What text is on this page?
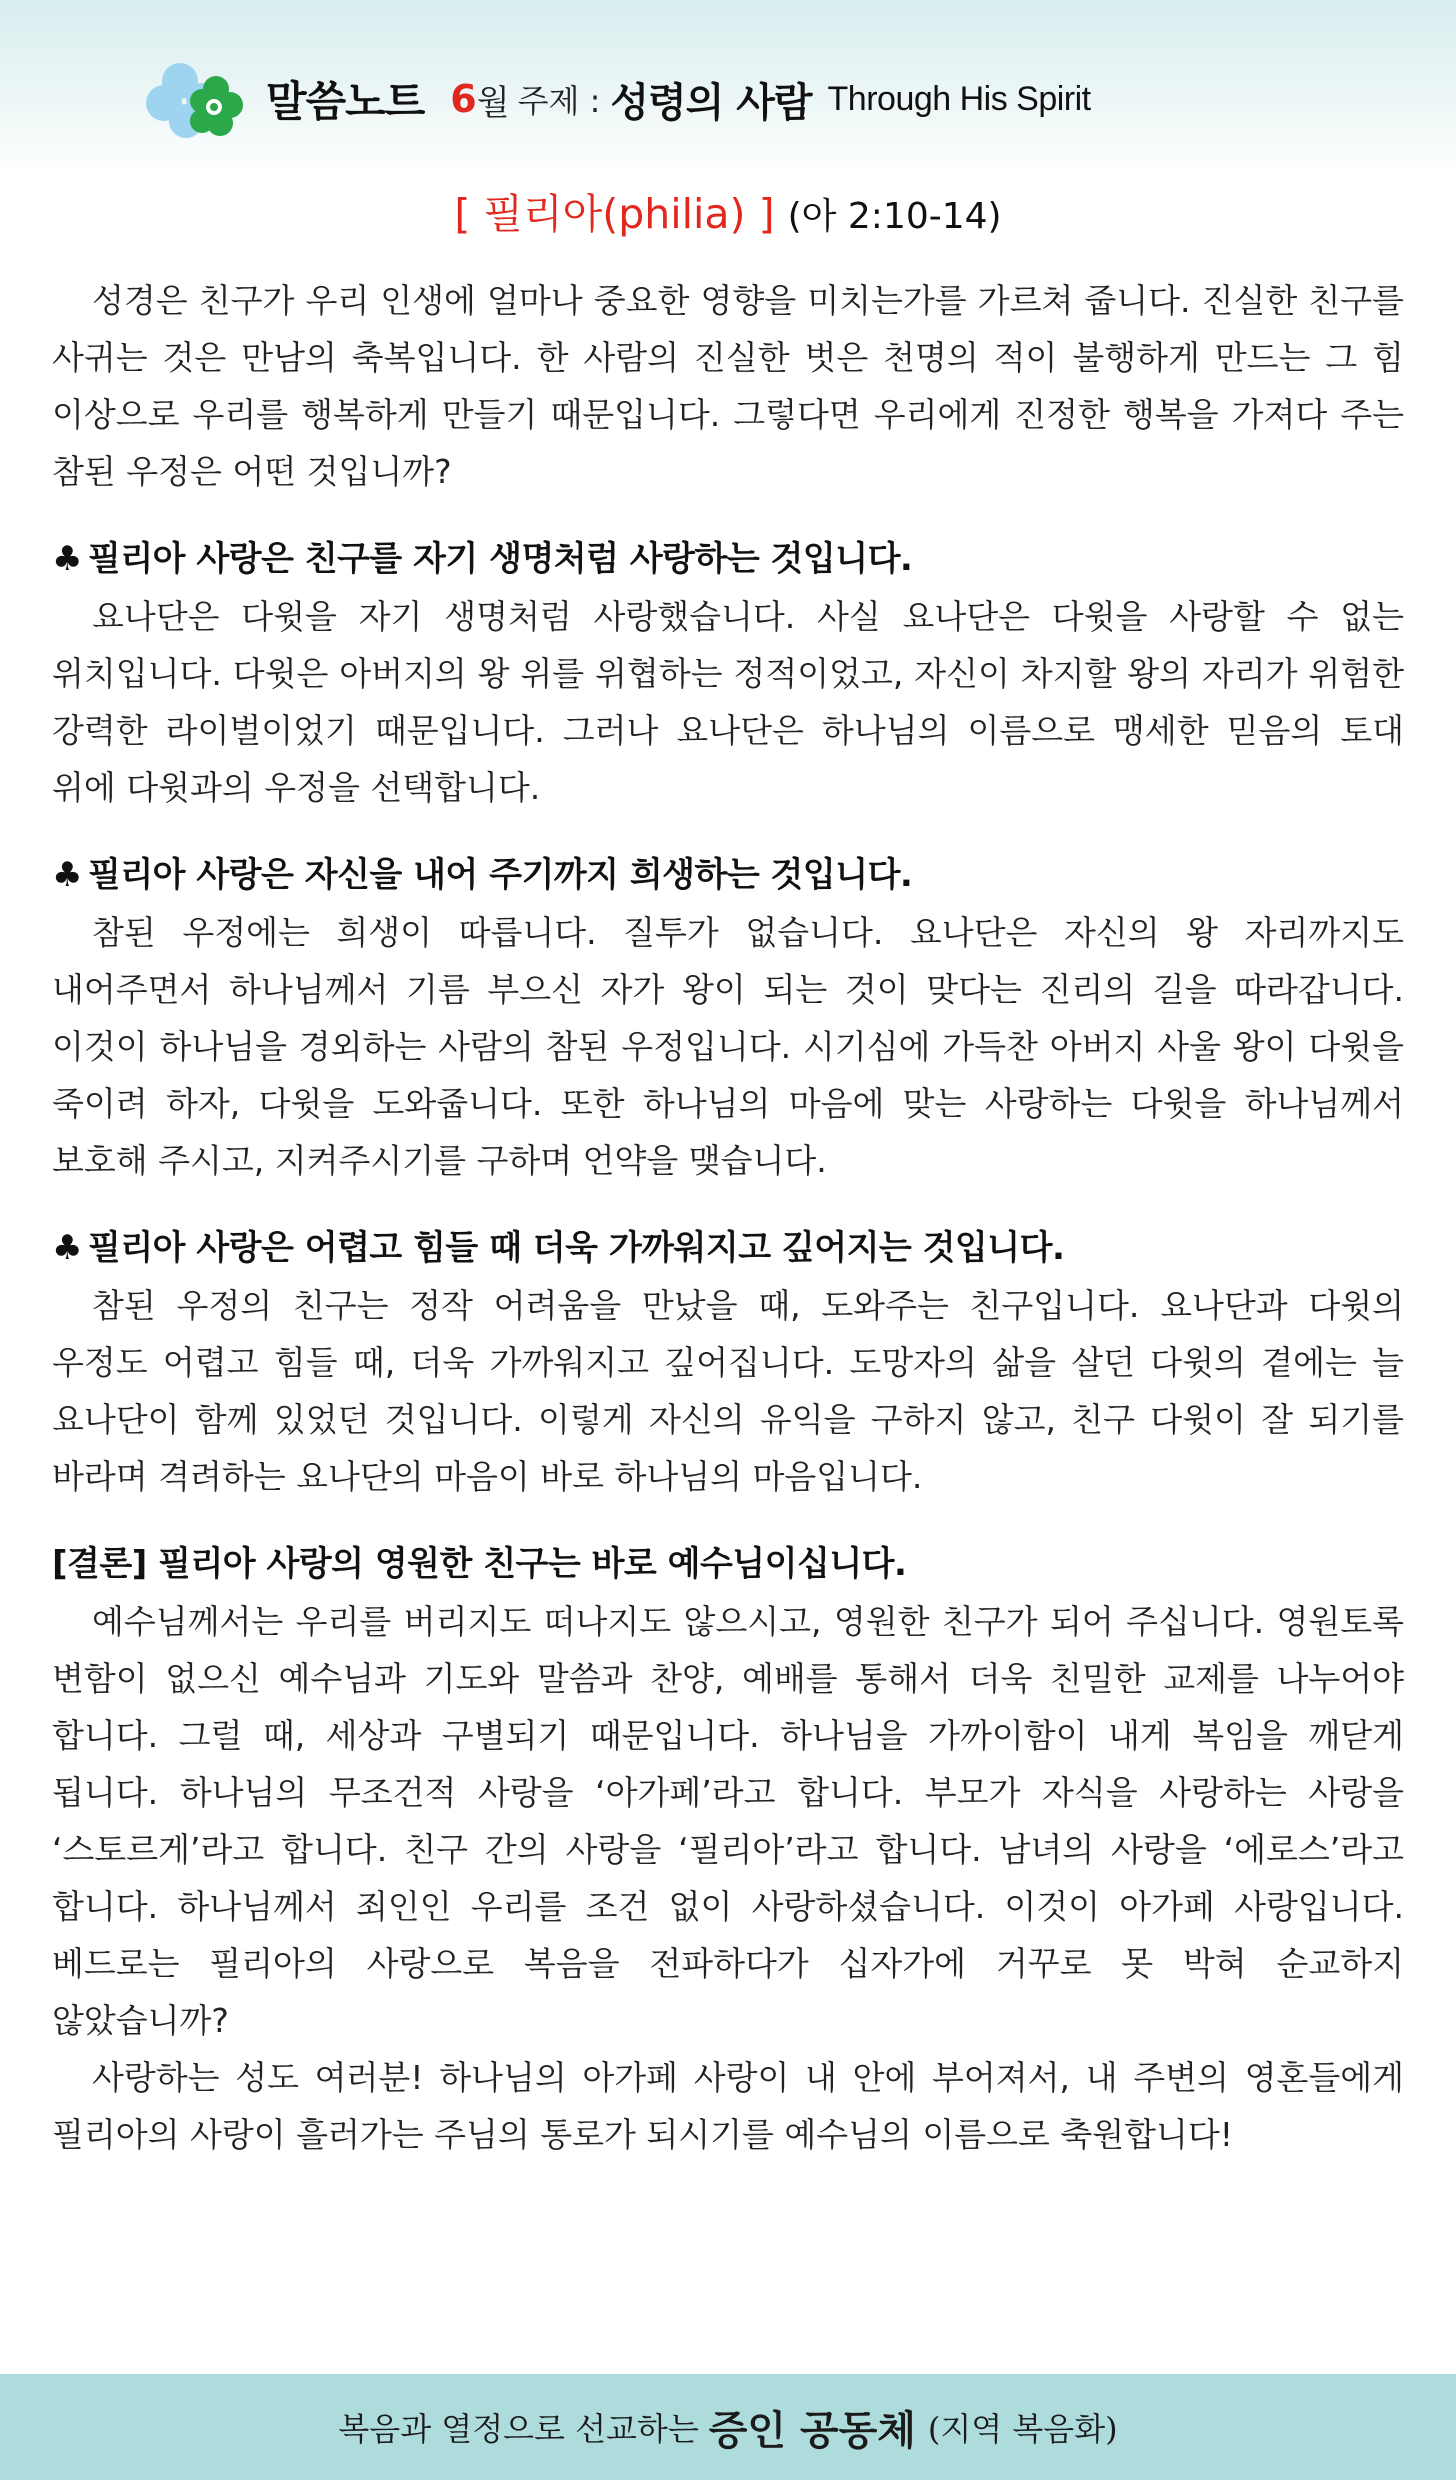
말씀노트 6 월 주제 : 성령의 사람 Through His Spirit
[ 필리아(philia) ] (아 2:10-14)

성경은 친구가 우리 인생에 얼마나 중요한 영향을 미치는가를 가르쳐 줍니다. 진실한 친구를 사귀는 것은 만남의 축복입니다. 한 사람의 진실한 벗은 천명의 적이 불행하게 만드는 그 힘 이상으로 우리를 행복하게 만들기 때문입니다. 그렇다면 우리에게 진정한 행복을 가져다 주는 참된 우정은 어떤 것입니까?

♣ 필리아 사랑은 친구를 자기 생명처럼 사랑하는 것입니다.

요나단은 다윗을 자기 생명처럼 사랑했습니다. 사실 요나단은 다윗을 사랑할 수 없는 위치입니다. 다윗은 아버지의 왕 위를 위협하는 정적이었고, 자신이 차지할 왕의 자리가 위험한 강력한 라이벌이었기 때문입니다. 그러나 요나단은 하나님의 이름으로 맹세한 믿음의 토대 위에 다윗과의 우정을 선택합니다.

♣ 필리아 사랑은 자신을 내어 주기까지 희생하는 것입니다.

참된 우정에는 희생이 따릅니다. 질투가 없습니다. 요나단은 자신의 왕 자리까지도 내어주면서 하나님께서 기름 부으신 자가 왕이 되는 것이 맞다는 진리의 길을 따라갑니다. 이것이 하나님을 경외하는 사람의 참된 우정입니다. 시기심에 가득찬 아버지 사울 왕이 다윗을 죽이려 하자, 다윗을 도와줍니다. 또한 하나님의 마음에 맞는 사랑하는 다윗을 하나님께서 보호해 주시고, 지켜주시기를 구하며 언약을 맺습니다.

♣ 필리아 사랑은 어렵고 힘들 때 더욱 가까워지고 깊어지는 것입니다.

참된 우정의 친구는 정작 어려움을 만났을 때, 도와주는 친구입니다. 요나단과 다윗의 우정도 어렵고 힘들 때, 더욱 가까워지고 깊어집니다. 도망자의 삶을 살던 다윗의 곁에는 늘 요나단이 함께 있었던 것입니다. 이렇게 자신의 유익을 구하지 않고, 친구 다윗이 잘 되기를 바라며 격려하는 요나단의 마음이 바로 하나님의 마음입니다.

[결론] 필리아 사랑의 영원한 친구는 바로 예수님이십니다.

예수님께서는 우리를 버리지도 떠나지도 않으시고, 영원한 친구가 되어 주십니다. 영원토록 변함이 없으신 예수님과 기도와 말씀과 찬양, 예배를 통해서 더욱 친밀한 교제를 나누어야 합니다. 그럴 때, 세상과 구별되기 때문입니다. 하나님을 가까이함이 내게 복임을 깨닫게 됩니다. 하나님의 무조건적 사랑을 ‘아가페’라고 합니다. 부모가 자식을 사랑하는 사랑을 ‘스토르게’라고 합니다. 친구 간의 사랑을 ‘필리아’라고 합니다. 남녀의 사랑을 ‘에로스’라고 합니다. 하나님께서 죄인인 우리를 조건 없이 사랑하셨습니다. 이것이 아가페 사랑입니다. 베드로는 필리아의 사랑으로 복음을 전파하다가 십자가에 거꾸로 못 박혀 순교하지 않았습니까?

사랑하는 성도 여러분! 하나님의 아가페 사랑이 내 안에 부어져서, 내 주변의 영혼들에게 필리아의 사랑이 흘러가는 주님의 통로가 되시기를 예수님의 이름으로 축원합니다!

복음과 열정으로 선교하는 증인 공동체 (지역 복음화)
